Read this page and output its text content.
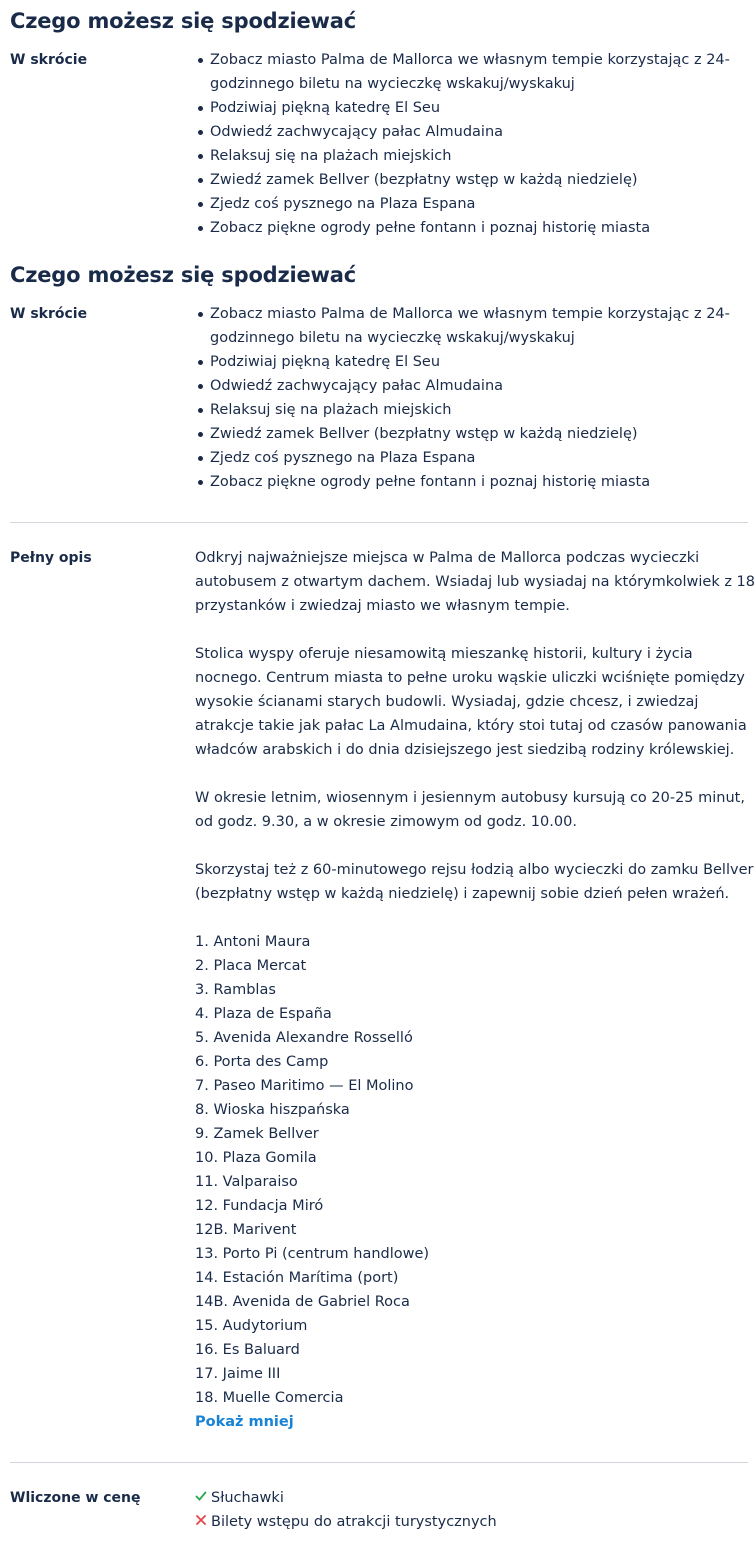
Czego możesz się spodziewać
W skrócie	Zobacz miasto Palma de Mallorca we własnym tempie korzystając z 24-godzinnego biletu na wycieczkę wskakuj/wyskakuj
Podziwiaj piękną katedrę El Seu
Odwiedź zachwycający pałac Almudaina
Relaksuj się na plażach miejskich
Zwiedź zamek Bellver (bezpłatny wstęp w każdą niedzielę)
Zjedz coś pysznego na Plaza Espana
Zobacz piękne ogrody pełne fontann i poznaj historię miasta
Czego możesz się spodziewać
W skrócie	Zobacz miasto Palma de Mallorca we własnym tempie korzystając z 24-godzinnego biletu na wycieczkę wskakuj/wyskakuj
Podziwiaj piękną katedrę El Seu
Odwiedź zachwycający pałac Almudaina
Relaksuj się na plażach miejskich
Zwiedź zamek Bellver (bezpłatny wstęp w każdą niedzielę)
Zjedz coś pysznego na Plaza Espana
Zobacz piękne ogrody pełne fontann i poznaj historię miasta
Pełny opis	Odkryj najważniejsze miejsca w Palma de Mallorca podczas wycieczki autobusem z otwartym dachem. Wsiadaj lub wysiadaj na którymkolwiek z 18 przystanków i zwiedzaj miasto we własnym tempie.

Stolica wyspy oferuje niesamowitą mieszankę historii, kultury i życia nocnego. Centrum miasta to pełne uroku wąskie uliczki wciśnięte pomiędzy wysokie ścianami starych budowli. Wysiadaj, gdzie chcesz, i zwiedzaj atrakcje takie jak pałac La Almudaina, który stoi tutaj od czasów panowania władców arabskich i do dnia dzisiejszego jest siedzibą rodziny królewskiej.

W okresie letnim, wiosennym i jesiennym autobusy kursują co 20-25 minut, od godz. 9.30, a w okresie zimowym od godz. 10.00.

Skorzystaj też z 60-minutowego rejsu łodzią albo wycieczki do zamku Bellver (bezpłatny wstęp w każdą niedzielę) i zapewnij sobie dzień pełen wrażeń.

1. Antoni Maura
2. Placa Mercat
3. Ramblas
4. Plaza de España
5. Avenida Alexandre Rosselló
6. Porta des Camp
7. Paseo Maritimo — El Molino
8. Wioska hiszpańska
9. Zamek Bellver
10. Plaza Gomila
11. Valparaiso
12. Fundacja Miró
12B. Marivent
13. Porto Pi (centrum handlowe)
14. Estación Marítima (port)
14B. Avenida de Gabriel Roca
15. Audytorium
16. Es Baluard
17. Jaime III
18. Muelle Comercia
Pokaż mniej
Wliczone w cenę	Słuchawki
Bilety wstępu do atrakcji turystycznych
